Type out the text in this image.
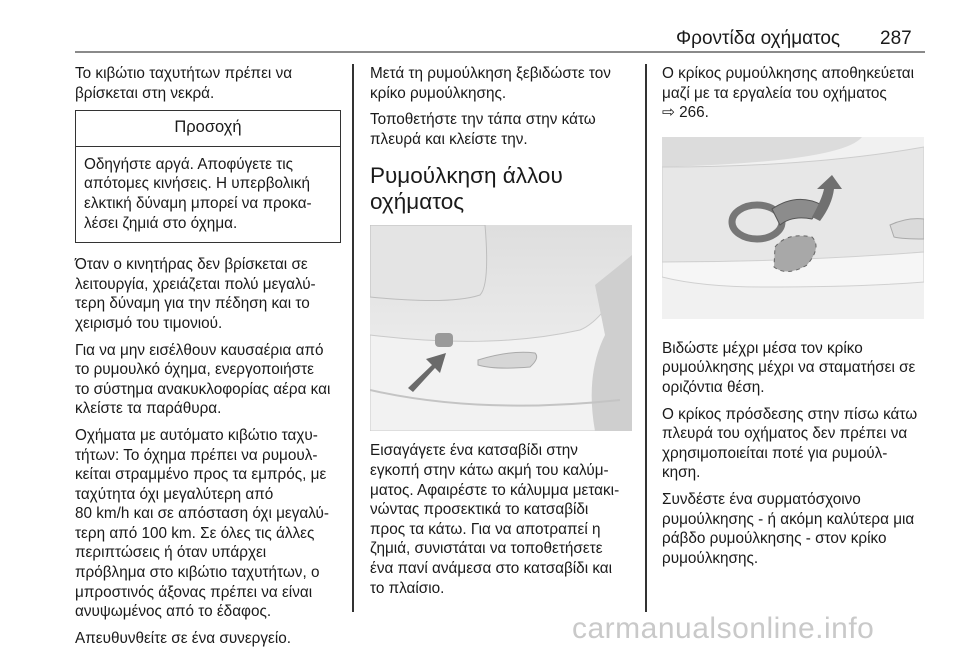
Φροντίδα οχήματος 287

Το κιβώτιο ταχυτήτων πρέπει να
βρίσκεται στη νεκρά.

Προσοχή
Οδηγήστε αργά. Αποφύγετε τις
απότομες κινήσεις. Η υπερβολική
ελκτική δύναμη μπορεί να προκα-
λέσει ζημιά στο όχημα.

Όταν ο κινητήρας δεν βρίσκεται σε
λειτουργία, χρειάζεται πολύ μεγαλύ-
τερη δύναμη για την πέδηση και το
χειρισμό του τιμονιού.

Για να μην εισέλθουν καυσαέρια από
το ρυμουλκό όχημα, ενεργοποιήστε
το σύστημα ανακυκλοφορίας αέρα και
κλείστε τα παράθυρα.

Οχήματα με αυτόματο κιβώτιο ταχυ-
τήτων: Το όχημα πρέπει να ρυμουλ-
κείται στραμμένο προς τα εμπρός, με
ταχύτητα όχι μεγαλύτερη από
80 km/h και σε απόσταση όχι μεγαλύ-
τερη από 100 km. Σε όλες τις άλλες
περιπτώσεις ή όταν υπάρχει
πρόβλημα στο κιβώτιο ταχυτήτων, ο
μπροστινός άξονας πρέπει να είναι
ανυψωμένος από το έδαφος.

Απευθυνθείτε σε ένα συνεργείο.

Μετά τη ρυμούλκηση ξεβιδώστε τον
κρίκο ρυμούλκησης.

Τοποθετήστε την τάπα στην κάτω
πλευρά και κλείστε την.

Ρυμούλκηση άλλου
οχήματος

Εισαγάγετε ένα κατσαβίδι στην
εγκοπή στην κάτω ακμή του καλύμ-
ματος. Αφαιρέστε το κάλυμμα μετακι-
νώντας προσεκτικά το κατσαβίδι
προς τα κάτω. Για να αποτραπεί η
ζημιά, συνιστάται να τοποθετήσετε
ένα πανί ανάμεσα στο κατσαβίδι και
το πλαίσιο.

Ο κρίκος ρυμούλκησης αποθηκεύεται
μαζί με τα εργαλεία του οχήματος
⇨ 266.

Βιδώστε μέχρι μέσα τον κρίκο
ρυμούλκησης μέχρι να σταματήσει σε
οριζόντια θέση.

Ο κρίκος πρόσδεσης στην πίσω κάτω
πλευρά του οχήματος δεν πρέπει να
χρησιμοποιείται ποτέ για ρυμούλ-
κηση.

Συνδέστε ένα συρματόσχοινο
ρυμούλκησης - ή ακόμη καλύτερα μια
ράβδο ρυμούλκησης - στον κρίκο
ρυμούλκησης.

carmanualsonline.info
